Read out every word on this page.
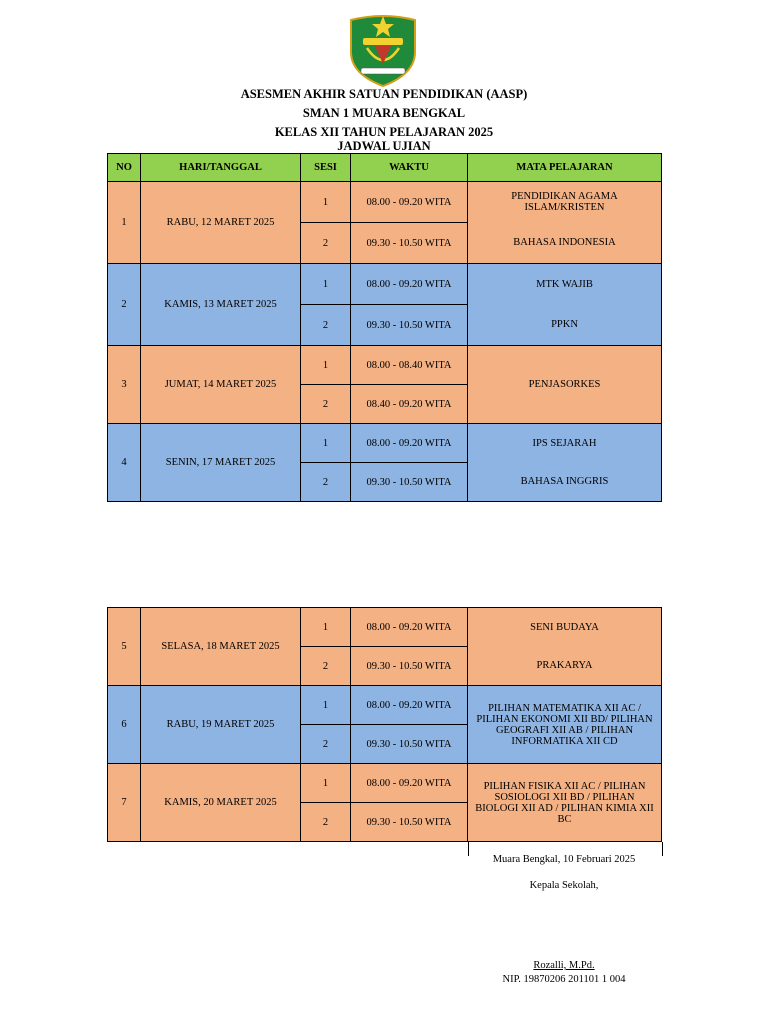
ASESMEN AKHIR SATUAN PENDIDIKAN (AASP)
SMAN 1 MUARA BENGKAL
KELAS XII TAHUN PELAJARAN 2025
JADWAL UJIAN
NO	HARI/TANGGAL	SESI	WAKTU	MATA PELAJARAN
1	RABU, 12 MARET 2025	1	08.00 - 09.20 WITA	PENDIDIKAN AGAMA ISLAM/KRISTEN
		2	09.30 - 10.50 WITA	BAHASA INDONESIA
2	KAMIS, 13 MARET 2025	1	08.00 - 09.20 WITA	MTK WAJIB
		2	09.30 - 10.50 WITA	PPKN
3	JUMAT, 14 MARET 2025	1	08.00 - 08.40 WITA	PENJASORKES
		2	08.40 - 09.20 WITA	
4	SENIN, 17 MARET 2025	1	08.00 - 09.20 WITA	IPS SEJARAH
		2	09.30 - 10.50 WITA	BAHASA INGGRIS
5	SELASA, 18 MARET 2025	1	08.00 - 09.20 WITA	SENI BUDAYA
		2	09.30 - 10.50 WITA	PRAKARYA
6	RABU, 19 MARET 2025	1	08.00 - 09.20 WITA	PILIHAN MATEMATIKA XII AC / PILIHAN EKONOMI XII BD/ PILIHAN GEOGRAFI XII AB / PILIHAN INFORMATIKA XII CD
		2	09.30 - 10.50 WITA	
7	KAMIS, 20 MARET 2025	1	08.00 - 09.20 WITA	PILIHAN FISIKA XII AC / PILIHAN SOSIOLOGI XII BD / PILIHAN BIOLOGI XII AD / PILIHAN KIMIA XII BC
		2	09.30 - 10.50 WITA	
Muara Bengkal, 10 Februari 2025
Kepala Sekolah,
Rozalli, M.Pd.
NIP. 19870206 201101 1 004
